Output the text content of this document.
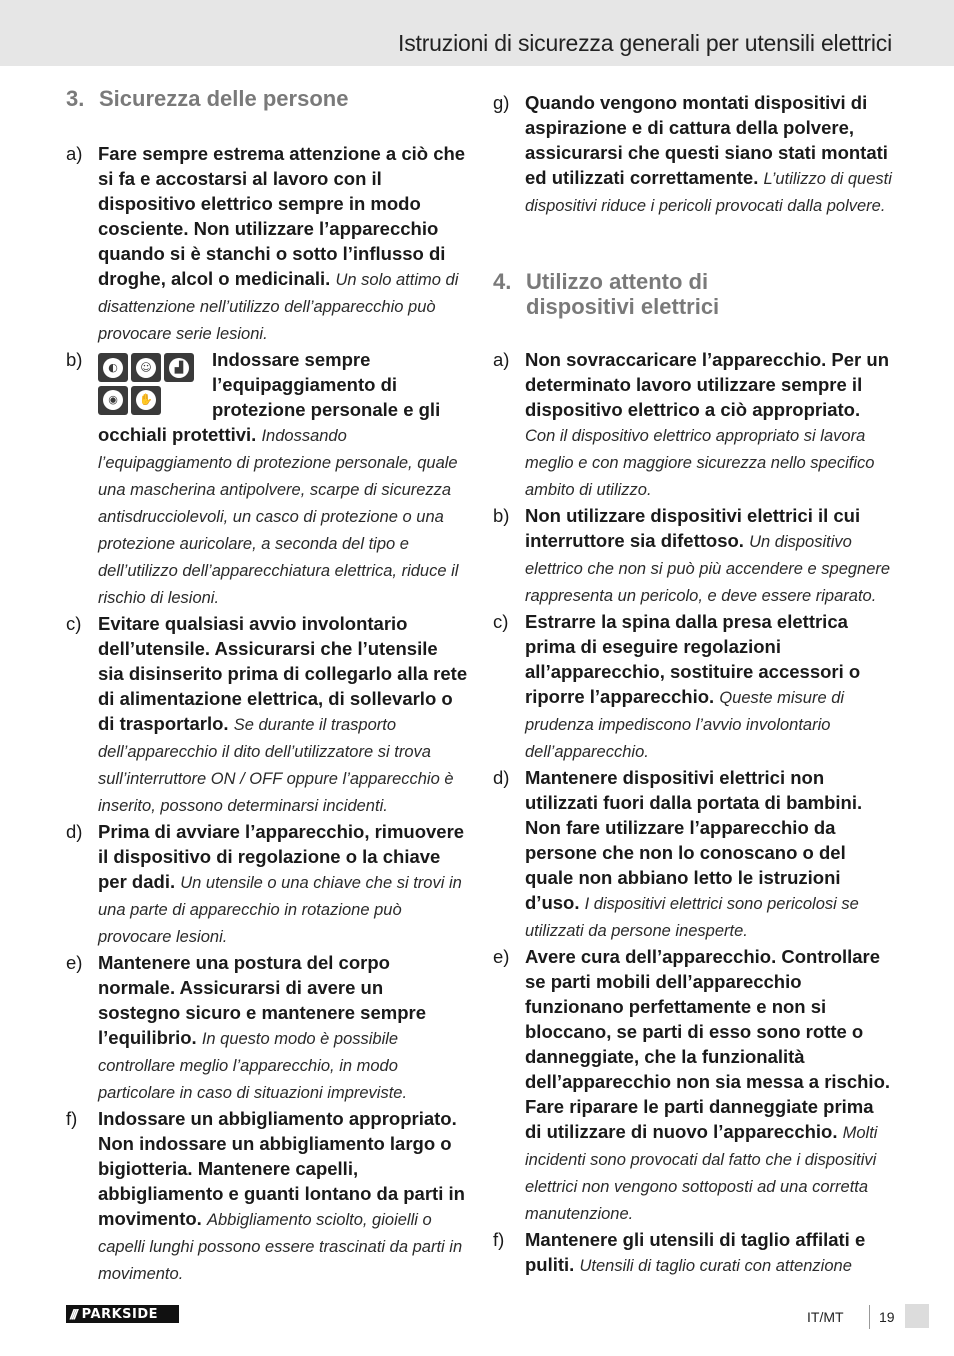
Istruzioni di sicurezza generali per utensili elettrici
3. Sicurezza delle persone
a) Fare sempre estrema attenzione a ciò che si fa e accostarsi al lavoro con il dispositivo elettrico sempre in modo cosciente. Non utilizzare l’apparecchio quando si è stanchi o sotto l’influsso di droghe, alcol o medicinali. Un solo attimo di disattenzione nell’utilizzo dell’apparecchio può provocare serie lesioni.
b)	◐	☺	▟
◉	✋
Indossare sempre l’equipaggiamento di protezione personale e gli occhiali protettivi. Indossando l’equipaggiamento di protezione personale, quale una mascherina antipolvere, scarpe di sicurezza antisdrucciolevoli, un casco di protezione o una protezione auricolare, a seconda del tipo e dell’utilizzo dell’apparecchiatura elettrica, riduce il rischio di lesioni.
c) Evitare qualsiasi avvio involontario dell’utensile. Assicurarsi che l’utensile sia disinserito prima di collegarlo alla rete di alimentazione elettrica, di sollevarlo o di trasportarlo. Se durante il trasporto dell’apparecchio il dito dell’utilizzatore si trova sull’interruttore ON / OFF oppure l’apparecchio è inserito, possono determinarsi incidenti.
d) Prima di avviare l’apparecchio, rimuovere il dispositivo di regolazione o la chiave per dadi. Un utensile o una chiave che si trovi in una parte di apparecchio in rotazione può provocare lesioni.
e) Mantenere una postura del corpo normale. Assicurarsi di avere un sostegno sicuro e mantenere sempre l’equilibrio. In questo modo è possibile controllare meglio l’apparecchio, in modo particolare in caso di situazioni impreviste.
f) Indossare un abbigliamento appropriato. Non indossare un abbigliamento largo o bigiotteria. Mantenere capelli, abbigliamento e guanti lontano da parti in movimento. Abbigliamento sciolto, gioielli o capelli lunghi possono essere trascinati da parti in movimento.
g) Quando vengono montati dispositivi di aspirazione e di cattura della polvere, assicurarsi che questi siano stati montati ed utilizzati correttamente. L’utilizzo di questi dispositivi riduce i pericoli provocati dalla polvere.
4. Utilizzo attento di dispositivi elettrici
a) Non sovraccaricare l’apparecchio. Per un determinato lavoro utilizzare sempre il dispositivo elettrico a ciò appropriato. Con il dispositivo elettrico appropriato si lavora meglio e con maggiore sicurezza nello specifico ambito di utilizzo.
b) Non utilizzare dispositivi elettrici il cui interruttore sia difettoso. Un dispositivo elettrico che non si può più accendere e spegnere rappresenta un pericolo, e deve essere riparato.
c) Estrarre la spina dalla presa elettrica prima di eseguire regolazioni all’apparecchio, sostituire accessori o riporre l’apparecchio. Queste misure di prudenza impediscono l’avvio involontario dell’apparecchio.
d) Mantenere dispositivi elettrici non utilizzati fuori dalla portata di bambini. Non fare utilizzare l’apparecchio da persone che non lo conoscano o del quale non abbiano letto le istruzioni d’uso. I dispositivi elettrici sono pericolosi se utilizzati da persone inesperte.
e) Avere cura dell’apparecchio. Controllare se parti mobili dell’apparecchio funzionano perfettamente e non si bloccano, se parti di esso sono rotte o danneggiate, che la funzionalità dell’apparecchio non sia messa a rischio. Fare riparare le parti danneggiate prima di utilizzare di nuovo l’apparecchio. Molti incidenti sono provocati dal fatto che i dispositivi elettrici non vengono sottoposti ad una corretta manutenzione.
f) Mantenere gli utensili di taglio affilati e puliti. Utensili di taglio curati con attenzione
/// PARKSIDE	IT/MT	19
